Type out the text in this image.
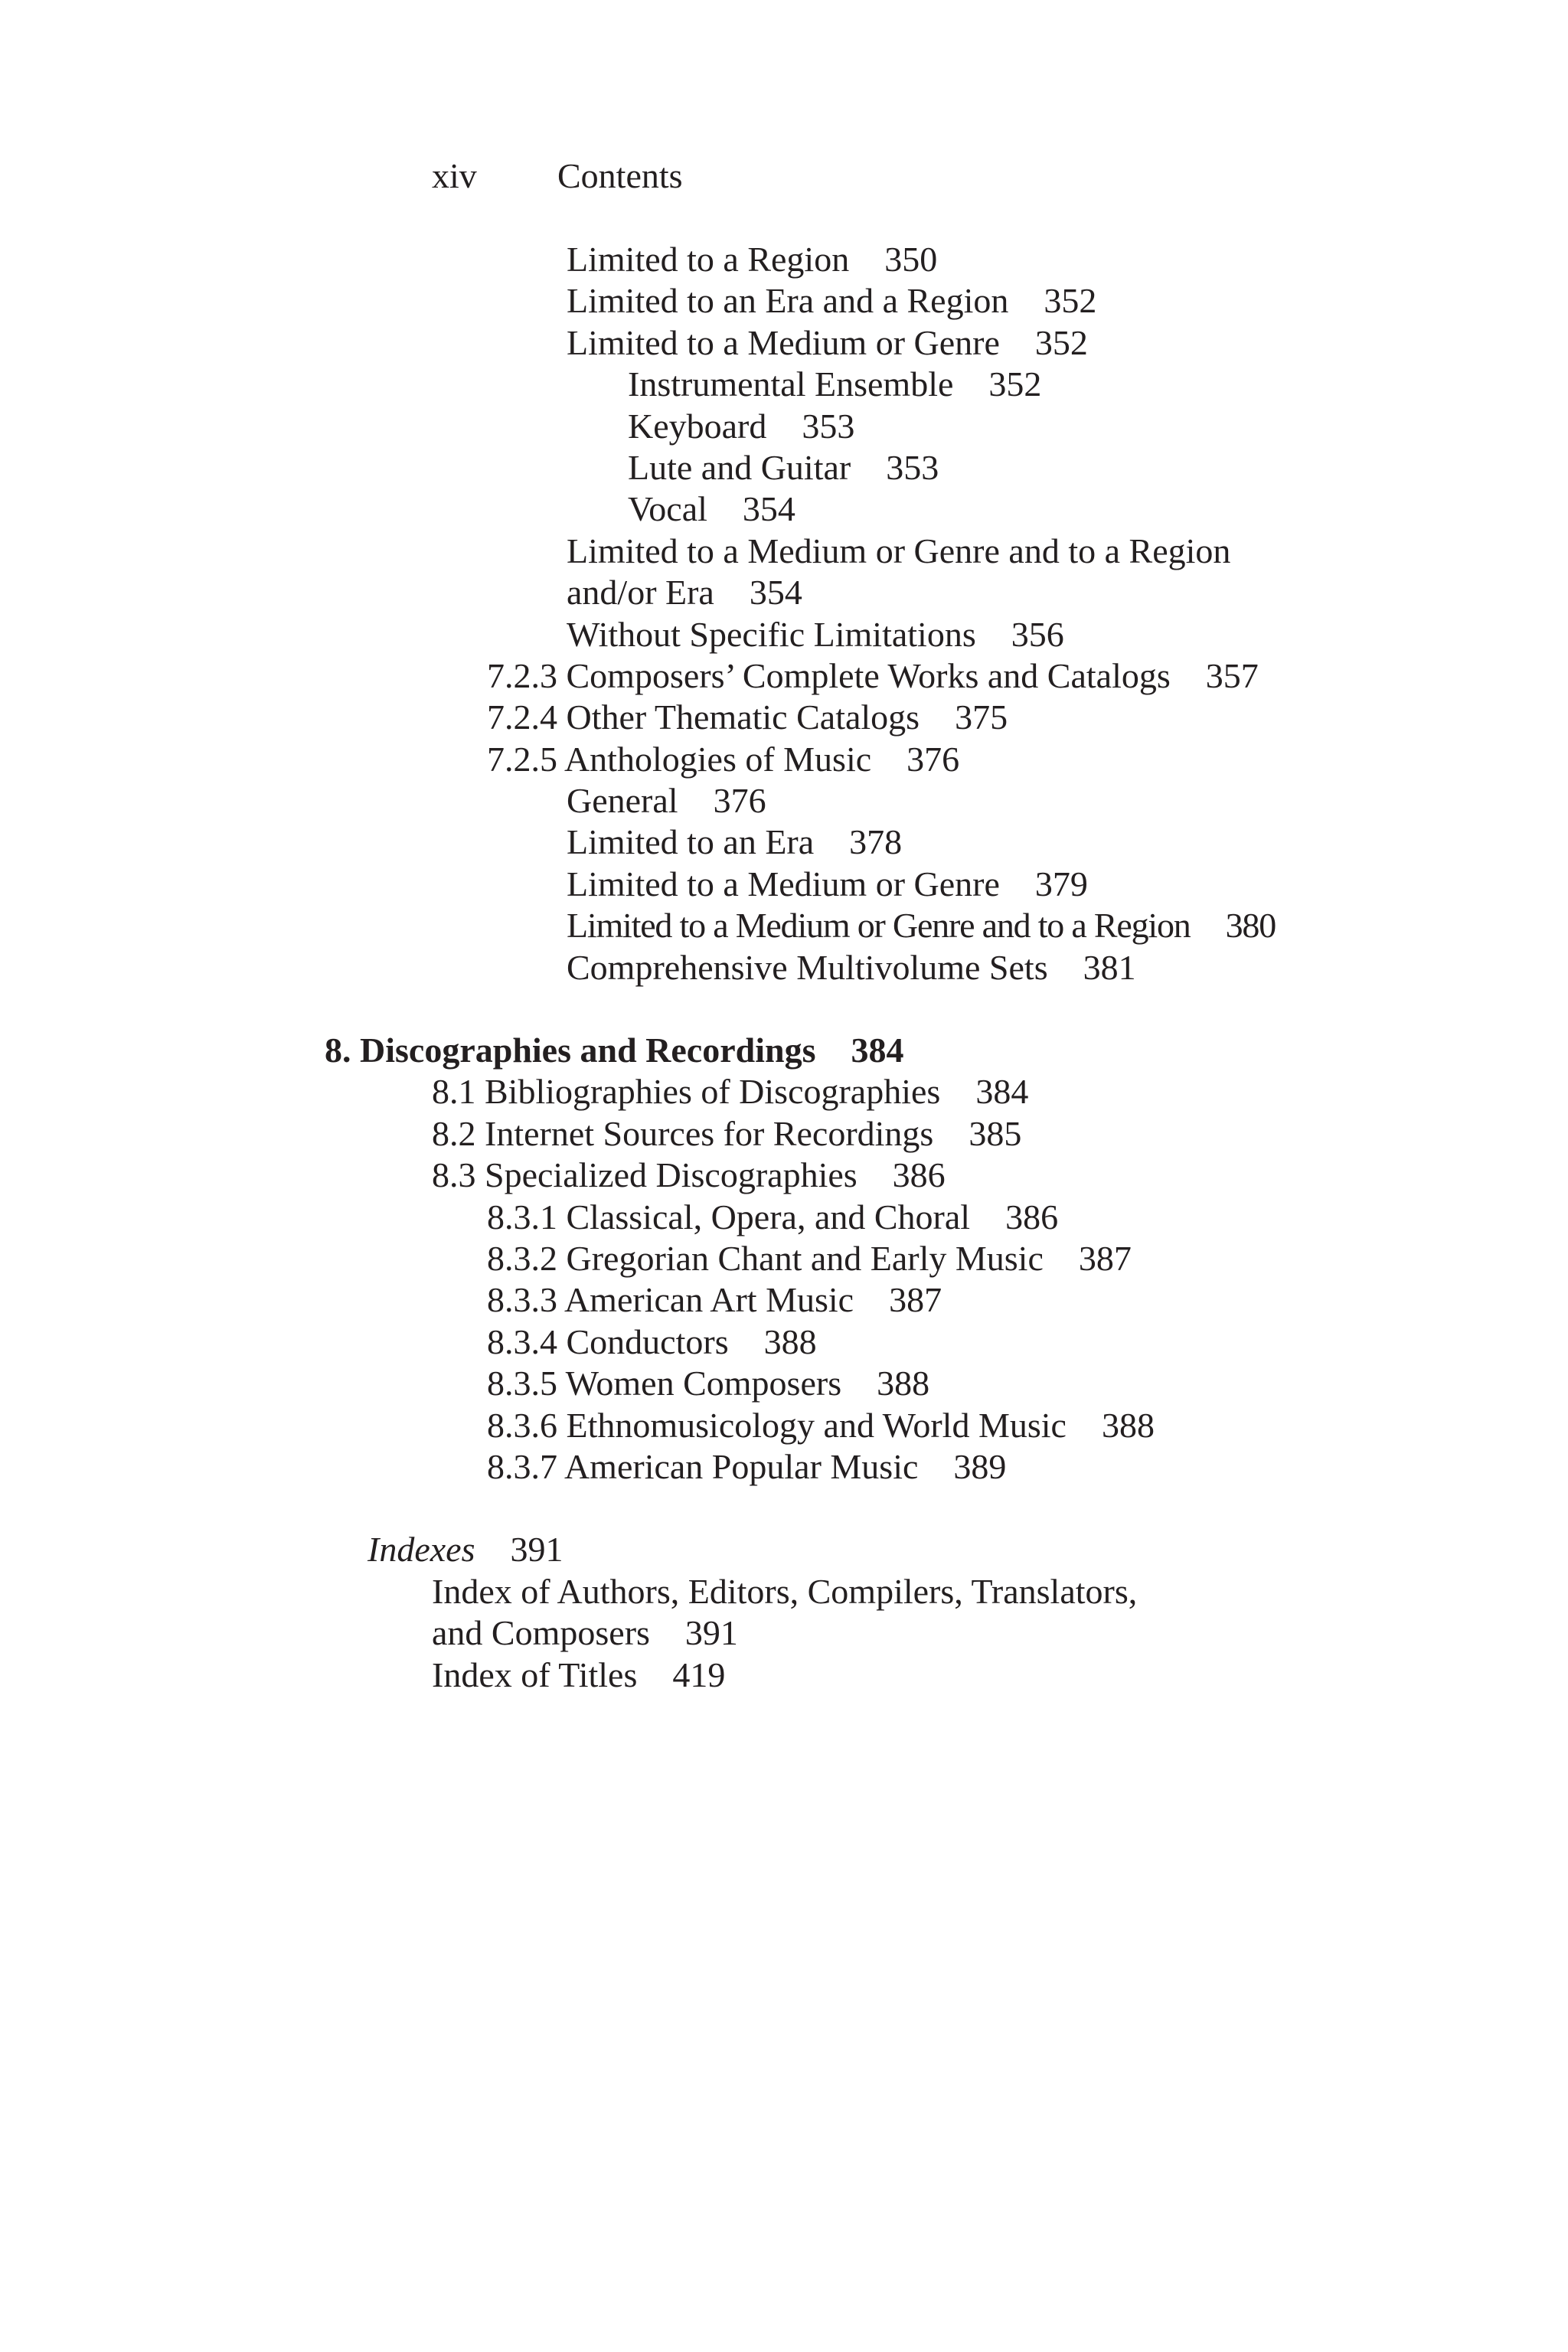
xiv Contents
Limited to a Region 350
Limited to an Era and a Region 352
Limited to a Medium or Genre 352
Instrumental Ensemble 352
Keyboard 353
Lute and Guitar 353
Vocal 354
Limited to a Medium or Genre and to a Region
and/or Era 354
Without Specific Limitations 356
7.2.3 Composers’ Complete Works and Catalogs 357
7.2.4 Other Thematic Catalogs 375
7.2.5 Anthologies of Music 376
General 376
Limited to an Era 378
Limited to a Medium or Genre 379
Limited to a Medium or Genre and to a Region 380
Comprehensive Multivolume Sets 381
8. Discographies and Recordings 384
8.1 Bibliographies of Discographies 384
8.2 Internet Sources for Recordings 385
8.3 Specialized Discographies 386
8.3.1 Classical, Opera, and Choral 386
8.3.2 Gregorian Chant and Early Music 387
8.3.3 American Art Music 387
8.3.4 Conductors 388
8.3.5 Women Composers 388
8.3.6 Ethnomusicology and World Music 388
8.3.7 American Popular Music 389
Indexes 391
Index of Authors, Editors, Compilers, Translators,
and Composers 391
Index of Titles 419
